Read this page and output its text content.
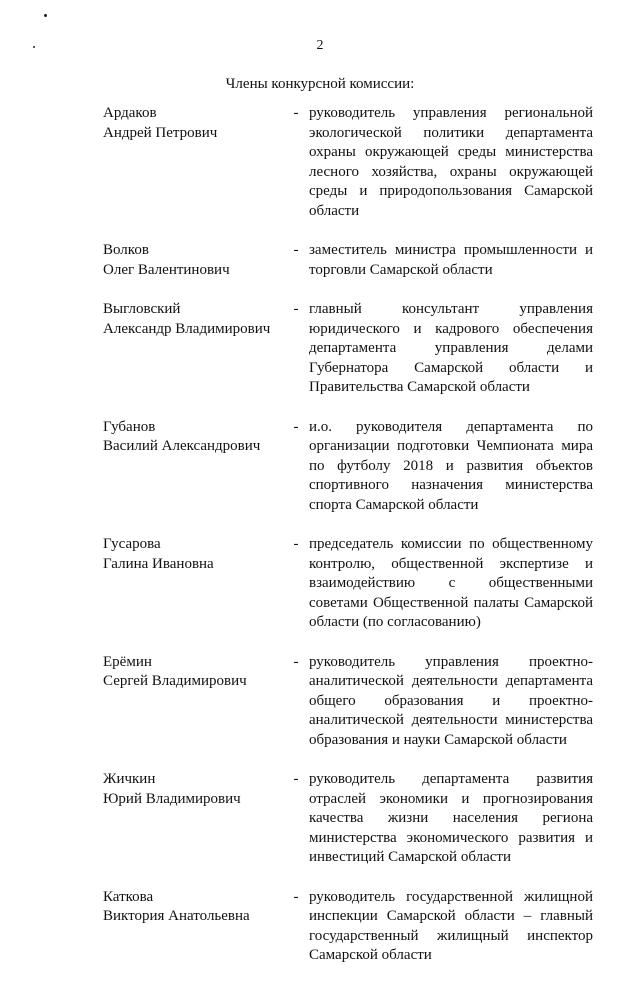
2
Члены конкурсной комиссии:
Ардаков
Андрей Петрович
- руководитель управления региональной экологической политики департамента охраны окружающей среды министерства лесного хозяйства, охраны окружающей среды и природопользования Самарской области
Волков
Олег Валентинович
- заместитель министра промышленности и торговли Самарской области
Выгловский
Александр Владимирович
- главный консультант управления юридического и кадрового обеспечения департамента управления делами Губернатора Самарской области и Правительства Самарской области
Губанов
Василий Александрович
- и.о. руководителя департамента по организации подготовки Чемпионата мира по футболу 2018 и развития объектов спортивного назначения министерства спорта Самарской области
Гусарова
Галина Ивановна
- председатель комиссии по общественному контролю, общественной экспертизе и взаимодействию с общественными советами Общественной палаты Самарской области (по согласованию)
Ерёмин
Сергей Владимирович
- руководитель управления проектно-аналитической деятельности департамента общего образования и проектно-аналитической деятельности министерства образования и науки Самарской области
Жичкин
Юрий Владимирович
- руководитель департамента развития отраслей экономики и прогнозирования качества жизни населения региона министерства экономического развития и инвестиций Самарской области
Каткова
Виктория Анатольевна
- руководитель государственной жилищной инспекции Самарской области – главный государственный жилищный инспектор Самарской области
